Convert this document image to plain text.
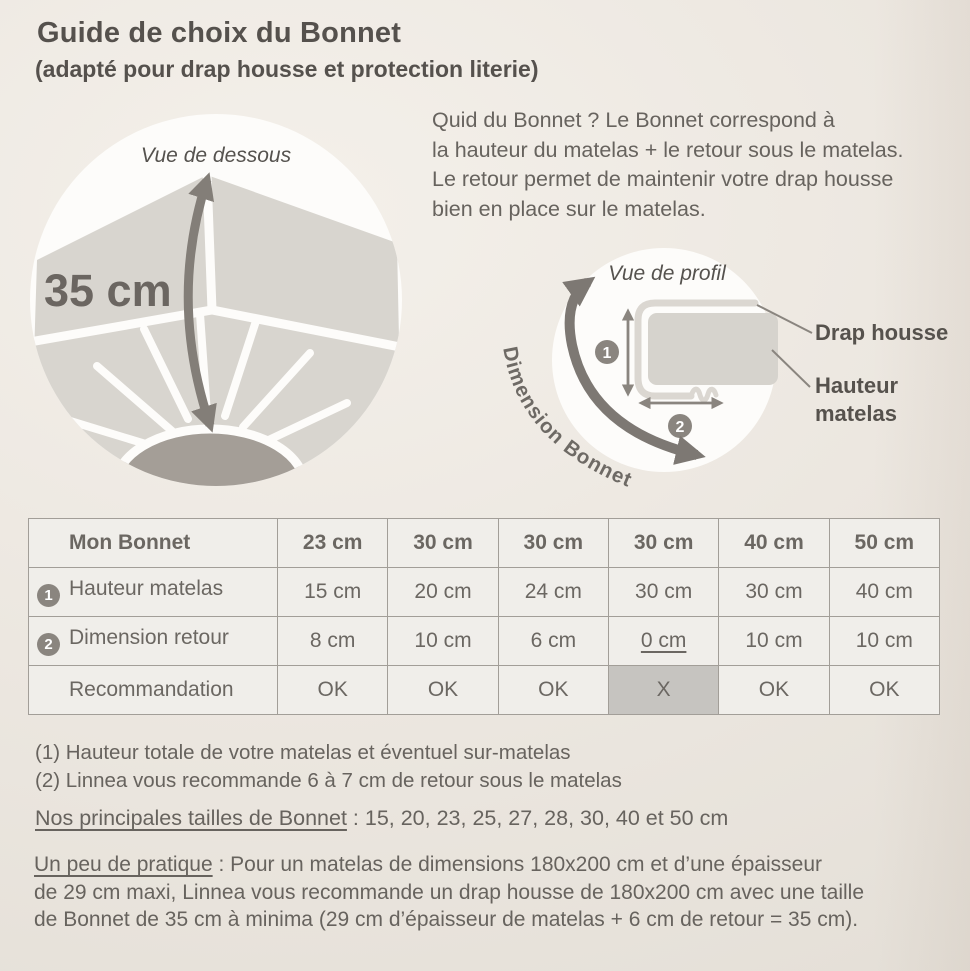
Guide de choix du Bonnet
(adapté pour drap housse et protection literie)
Quid du Bonnet ? Le Bonnet correspond à
la hauteur du matelas + le retour sous le matelas.
Le retour permet de maintenir votre drap housse
bien en place sur le matelas.
Vue de dessous
35 cm	Vue de profil
1
2
Dimension Bonnet
Drap housse
Hauteur
matelas
Mon Bonnet	23 cm	30 cm	30 cm	30 cm	40 cm	50 cm
1 Hauteur matelas	15 cm	20 cm	24 cm	30 cm	30 cm	40 cm
2 Dimension retour	8 cm	10 cm	6 cm	0 cm	10 cm	10 cm
Recommandation	OK	OK	OK	X	OK	OK
(1) Hauteur totale de votre matelas et éventuel sur-matelas
(2) Linnea vous recommande 6 à 7 cm de retour sous le matelas
Nos principales tailles de Bonnet : 15, 20, 23, 25, 27, 28, 30, 40 et 50 cm
Un peu de pratique : Pour un matelas de dimensions 180x200 cm et d’une épaisseur
de 29 cm maxi, Linnea vous recommande un drap housse de 180x200 cm avec une taille
de Bonnet de 35 cm à minima (29 cm d’épaisseur de matelas + 6 cm de retour = 35 cm).
